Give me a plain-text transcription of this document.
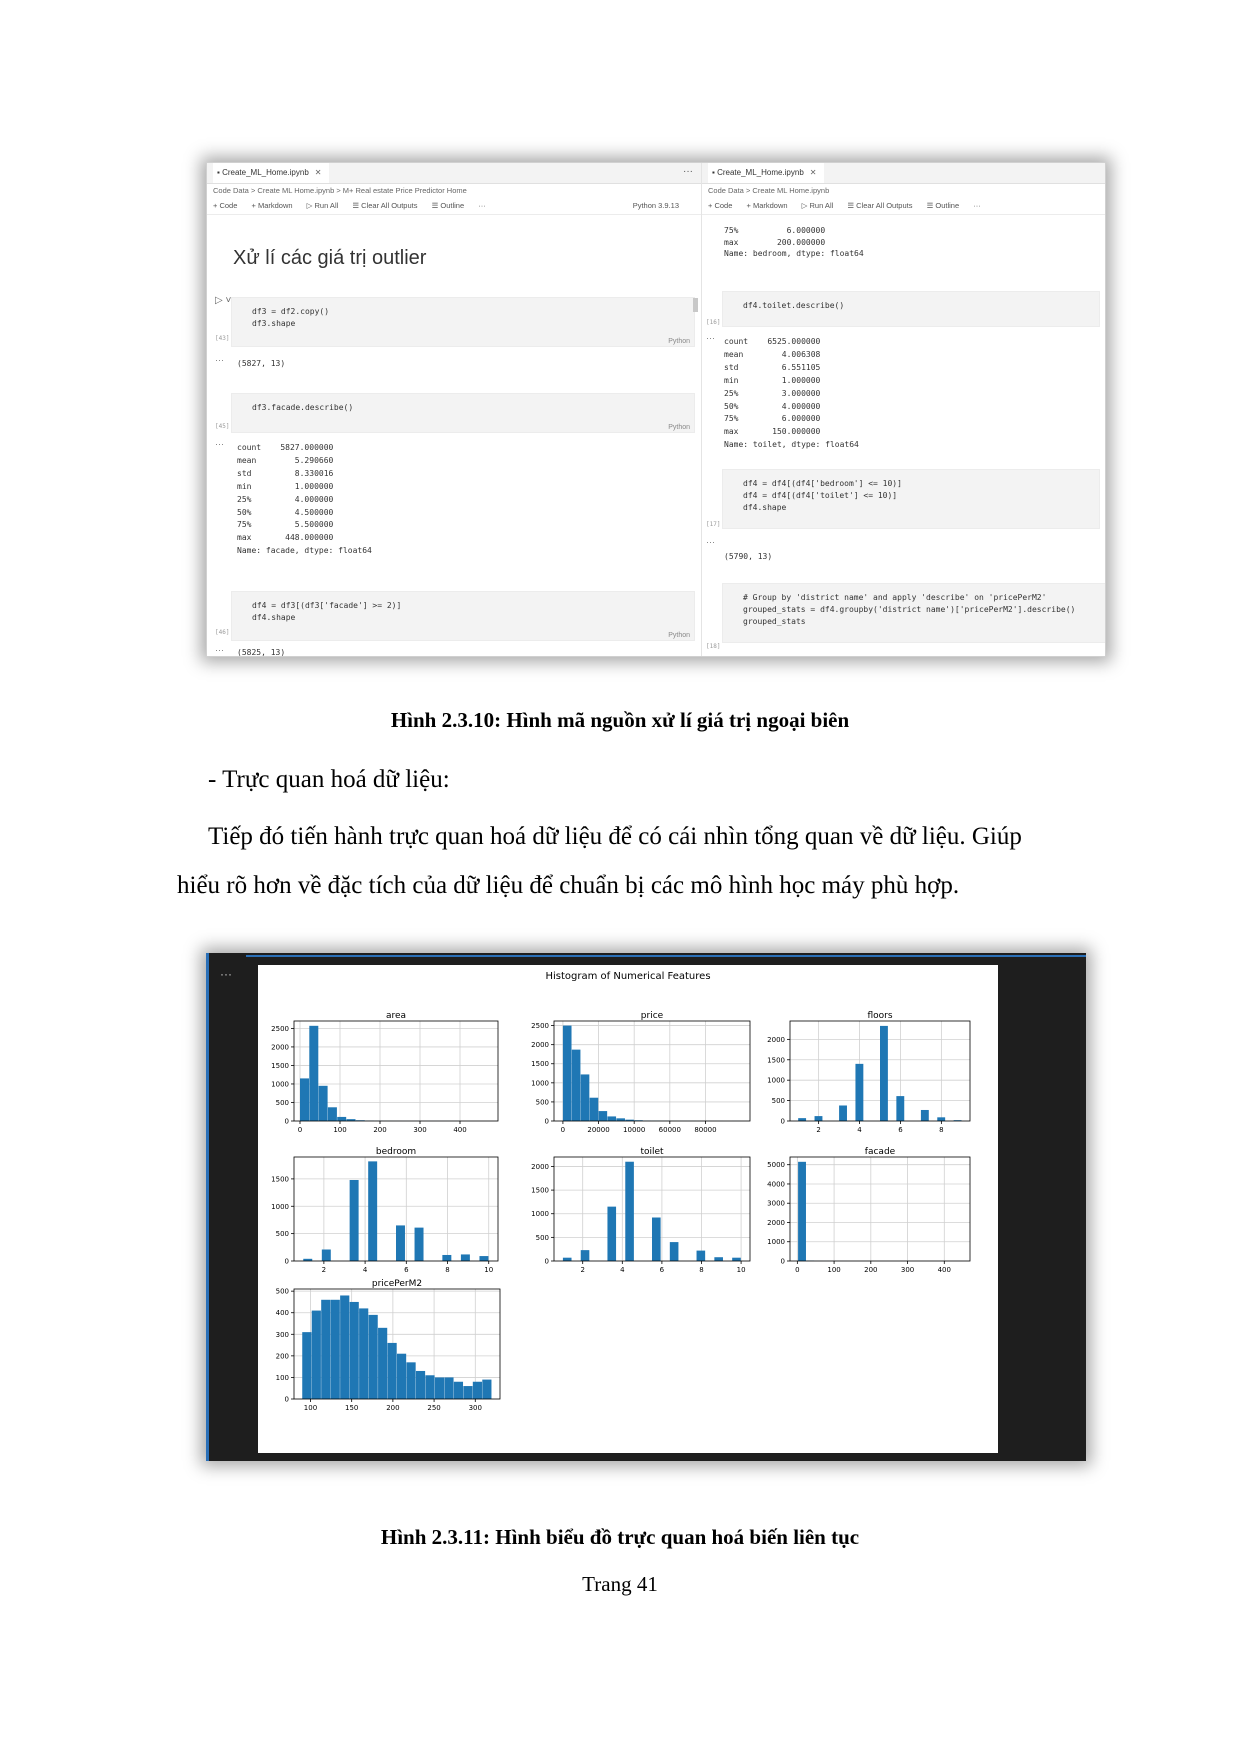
▪ Create_ML_Home.ipynb ✕	···
Code Data > Create ML Home.ipynb > M+ Real estate Price Predictor Home
+ Code + Markdown ▷ Run All ☰ Clear All Outputs ☰ Outline ···	Python 3.9.13
Xử lí các giá trị outlier
▷ ˅
df3 = df2.copy()
df3.shape
Python
[43]
··· (5827, 13)
df3.facade.describe()
Python
[45]
··· count    5827.000000
mean        5.290660
std         8.330016
min         1.000000
25%         4.000000
50%         4.500000
75%         5.500000
max       448.000000
Name: facade, dtype: float64
df4 = df3[(df3['facade'] >= 2)]
df4.shape
Python
[46]
··· (5825, 13)
▪ Create_ML_Home.ipynb ✕
Code Data > Create ML Home.ipynb
+ Code + Markdown ▷ Run All ☰ Clear All Outputs ☰ Outline ···
75%          6.000000
max        200.000000
Name: bedroom, dtype: float64
df4.toilet.describe()
[16]
··· count    6525.000000
mean        4.006308
std         6.551105
min         1.000000
25%         3.000000
50%         4.000000
75%         6.000000
max       150.000000
Name: toilet, dtype: float64
df4 = df4[(df4['bedroom'] <= 10)]
df4 = df4[(df4['toilet'] <= 10)]
df4.shape
[17]
···
(5790, 13)
# Group by 'district name' and apply 'describe' on 'pricePerM2'
grouped_stats = df4.groupby('district name')['pricePerM2'].describe()
grouped_stats
[18]
Hình 2.3.10: Hình mã nguồn xử lí giá trị ngoại biên
- Trực quan hoá dữ liệu:
Tiếp đó tiến hành trực quan hoá dữ liệu để có cái nhìn tổng quan về dữ liệu. Giúp
hiểu rõ hơn về đặc tích của dữ liệu để chuẩn bị các mô hình học máy phù hợp.
···	Histogram of Numerical Features
area
0	100	200	300	400
0
500
1000
1500
2000
2500
price
0	20000 10000 60000 80000
0
500
1000
1500
2000
2500
floors
2	4	6	8
0
500
1000
1500
2000
bedroom
2	4	6	8	10
0
500
1000
1500
toilet
2	4	6	8	10
0
500
1000
1500
2000
facade
0	100	200	300	400
0
1000
2000
3000
4000
5000
pricePerM2
100	150	200	250	300
0
100
200
300
400
500
Hình 2.3.11: Hình biểu đồ trực quan hoá biến liên tục
Trang 41
